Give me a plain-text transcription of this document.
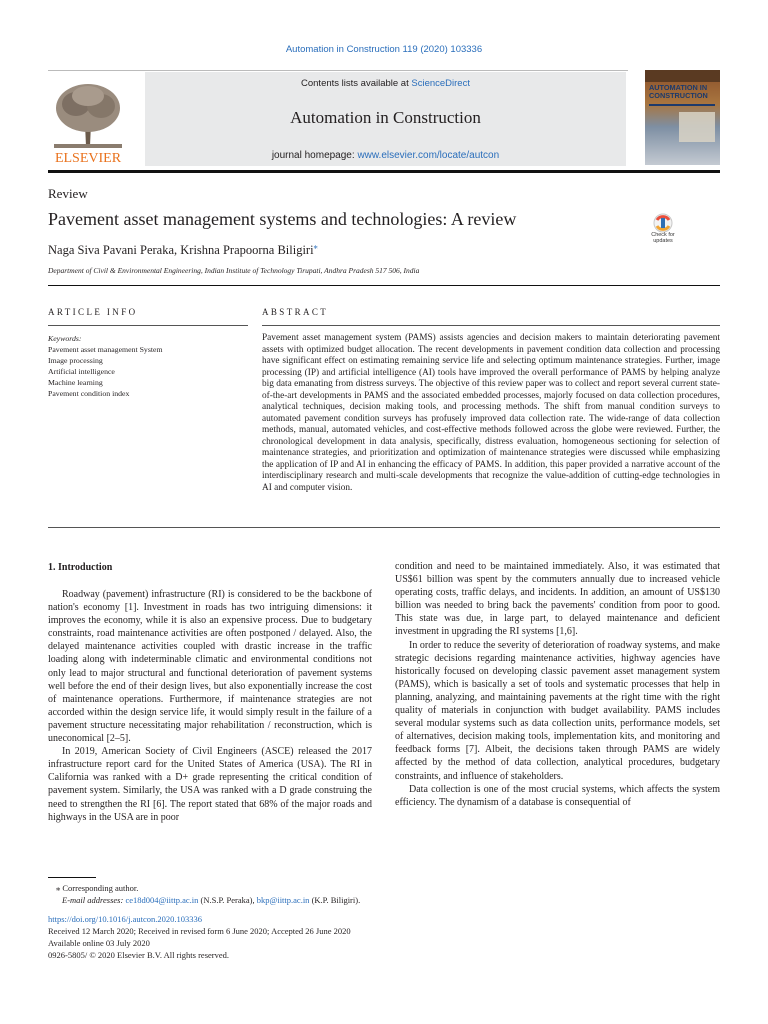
Automation in Construction 119 (2020) 103336
ELSEVIER
Contents lists available at ScienceDirect
Automation in Construction
journal homepage: www.elsevier.com/locate/autcon
AUTOMATION IN CONSTRUCTION
Review
Pavement asset management systems and technologies: A review
Naga Siva Pavani Peraka, Krishna Prapoorna Biligiri⁎
Department of Civil & Environmental Engineering, Indian Institute of Technology Tirupati, Andhra Pradesh 517 506, India
Check for updates
ARTICLE INFO	ABSTRACT
Keywords:
Pavement asset management System
Image processing
Artificial intelligence
Machine learning
Pavement condition index
Pavement asset management system (PAMS) assists agencies and decision makers to maintain deteriorating pavement assets with optimized budget allocation. The recent developments in pavement condition data collection and processing have significant effect on estimating remaining service life and selecting optimum maintenance strategies. Further, image processing (IP) and artificial intelligence (AI) tools have improved the overall performance of PAMS by helping analyze big data emanating from distress surveys. The objective of this review paper was to collect and report several current state-of-the-art developments in PAMS and the associated embedded processes, majorly focused on data collection procedures, analytical techniques, decision making tools, and processing methods. The shift from manual condition surveys to automated pavement condition surveys has profusely improved data collection rate. The wide-range of data collection methods, manual, automated vehicles, and cost-effective methods followed across the globe were reviewed. Further, the chronological development in data analysis, specifically, distress evaluation, homogeneous sectioning for selection of maintenance strategies, and prioritization and optimization of maintenance strategies were discussed while emphasizing the application of IP and AI in enhancing the efficacy of PAMS. In addition, this paper provided a narrative account of the interdisciplinary research and multi-scale developments that recognize the value-addition of cutting-edge technologies in AI and computer vision.
1. Introduction

Roadway (pavement) infrastructure (RI) is considered to be the backbone of nation's economy [1]. Investment in roads has two intriguing dimensions: it improves the economy, while it is also an expensive process. Due to budgetary constraints, road maintenance activities are often postponed / delayed. Also, the delayed maintenance activities coupled with drastic increase in the traffic loading along with indeterminable climatic and environmental conditions not only lead to major structural and functional deterioration of pavement systems well before the end of their design lives, but also exponentially increase the cost of maintenance operations. Furthermore, if maintenance strategies are not accorded within the design service life, it would simply result in the failure of a pavement structure necessitating major rehabilitation / reconstruction, which is uneconomical [2–5].

In 2019, American Society of Civil Engineers (ASCE) released the 2017 infrastructure report card for the United States of America (USA). The RI in California was ranked with a D+ grade representing the critical condition of pavement system. Similarly, the USA was ranked with a D grade construing the need to strengthen the RI [6]. The report stated that 68% of the major roads and highways in the USA are in poor

condition and need to be maintained immediately. Also, it was estimated that US$61 billion was spent by the commuters annually due to increased vehicle operating costs, traffic delays, and incidents. In addition, an amount of US$130 billion was needed to bring back the pavements' condition from poor to good. This state was due, in large part, to delayed maintenance and deficient investment in upgrading the RI systems [1,6].

In order to reduce the severity of deterioration of roadway systems, and make strategic decisions regarding maintenance activities, highway agencies have historically focused on developing classic pavement asset management system (PAMS), which is basically a set of tools and systematic processes that help in planning, analyzing, and maintaining pavements at the right time with the right quality of materials in conjunction with budget availability. PAMS includes several modular systems such as data collection units, performance models, set of alternatives, decision making tools, implementation kits, and monitoring and feedback forms [7]. Albeit, the decisions taken through PAMS are widely affected by the method of data collection, analytical procedures, budgetary constraints, and influence of stakeholders.

Data collection is one of the most crucial systems, which affects the system efficiency. The dynamism of a database is consequential of

⁎ Corresponding author.
E-mail addresses: ce18d004@iittp.ac.in (N.S.P. Peraka), bkp@iittp.ac.in (K.P. Biligiri).
https://doi.org/10.1016/j.autcon.2020.103336
Received 12 March 2020; Received in revised form 6 June 2020; Accepted 26 June 2020
Available online 03 July 2020
0926-5805/ © 2020 Elsevier B.V. All rights reserved.
